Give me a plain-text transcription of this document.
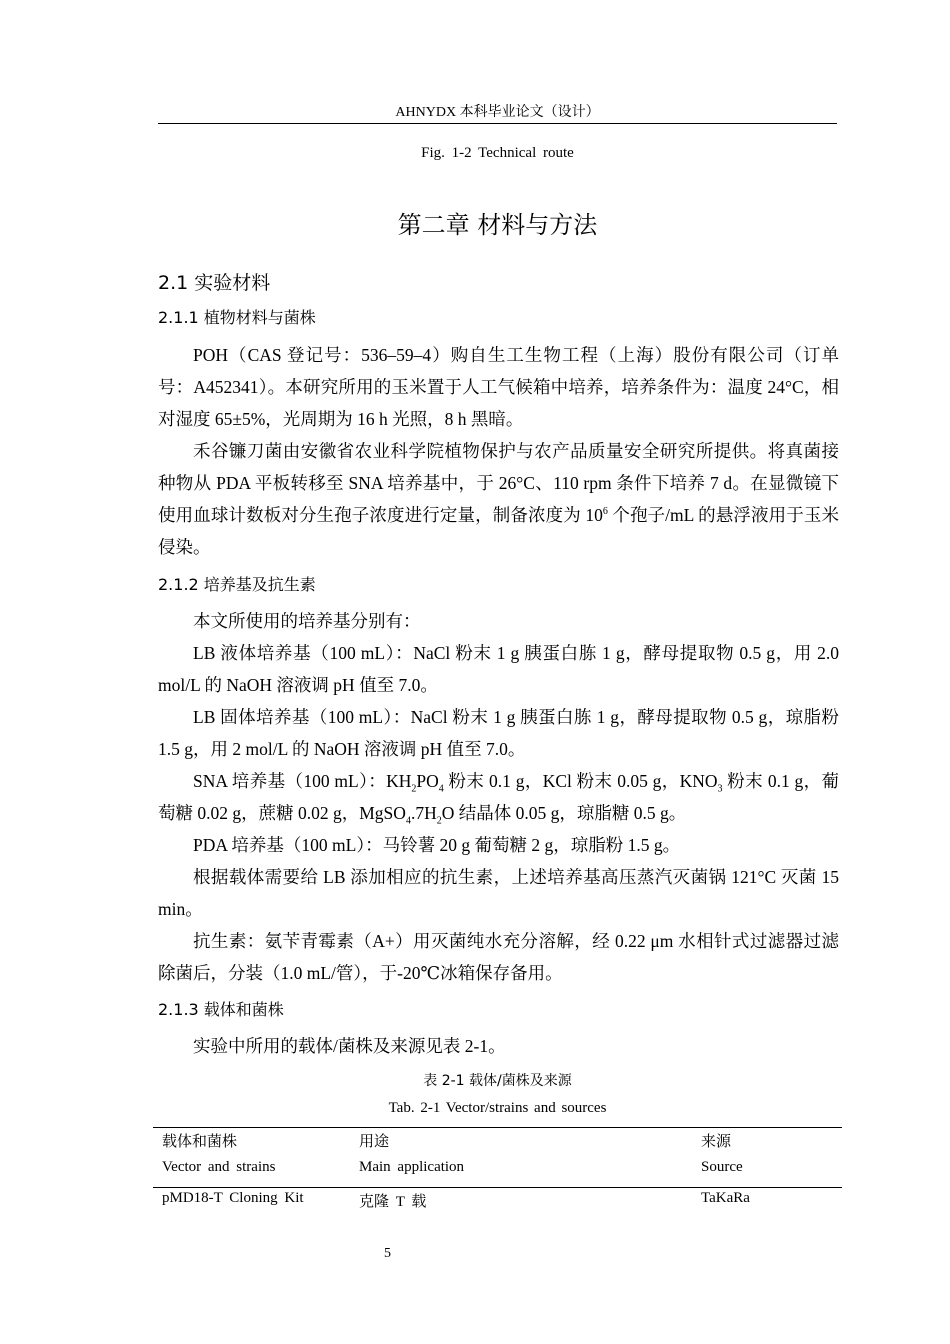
AHNYDX 本科毕业论文（设计）
Fig. 1-2 Technical route
第二章 材料与方法
2.1 实验材料
2.1.1 植物材料与菌株

POH（CAS 登记号：536–59–4）购自生工生物工程（上海）股份有限公司（订单号：A452341）。本研究所用的玉米置于人工气候箱中培养，培养条件为：温度 24°C，相对湿度 65±5%，光周期为 16 h 光照，8 h 黑暗。

禾谷镰刀菌由安徽省农业科学院植物保护与农产品质量安全研究所提供。将真菌接种物从 PDA 平板转移至 SNA 培养基中，于 26°C、110 rpm 条件下培养 7 d。在显微镜下使用血球计数板对分生孢子浓度进行定量，制备浓度为 $10^6$ 个孢子/mL 的悬浮液用于玉米侵染。

2.1.2 培养基及抗生素

本文所使用的培养基分别有：

LB 液体培养基（100 mL）：NaCl 粉末 1 g 胰蛋白胨 1 g，酵母提取物 0.5 g，用 2.0 mol/L 的 NaOH 溶液调 pH 值至 7.0。

LB 固体培养基（100 mL）：NaCl 粉末 1 g 胰蛋白胨 1 g，酵母提取物 0.5 g，琼脂粉 1.5 g，用 2 mol/L 的 NaOH 溶液调 pH 值至 7.0。

SNA 培养基（100 mL）：$KH_2PO_4$ 粉末 0.1 g，KCl 粉末 0.05 g，$KNO_3$ 粉末 0.1 g，葡萄糖 0.02 g，蔗糖 0.02 g，$MgSO_4.7H_2O$ 结晶体 0.05 g，琼脂糖 0.5 g。

PDA 培养基（100 mL）：马铃薯 20 g 葡萄糖 2 g，琼脂粉 1.5 g。

根据载体需要给 LB 添加相应的抗生素，上述培养基高压蒸汽灭菌锅 121°C 灭菌 15 min。

抗生素：氨苄青霉素（A+）用灭菌纯水充分溶解，经 0.22 μm 水相针式过滤器过滤除菌后，分装（1.0 mL/管），于-20℃冰箱保存备用。

2.1.3 载体和菌株

实验中所用的载体/菌株及来源见表 2-1。

表 2-1 载体/菌株及来源
Tab. 2-1 Vector/strains and sources
载体和菌株	用途	来源
Vector and strains	Main application	Source
pMD18-T Cloning Kit	克隆 T 载	TaKaRa
5
